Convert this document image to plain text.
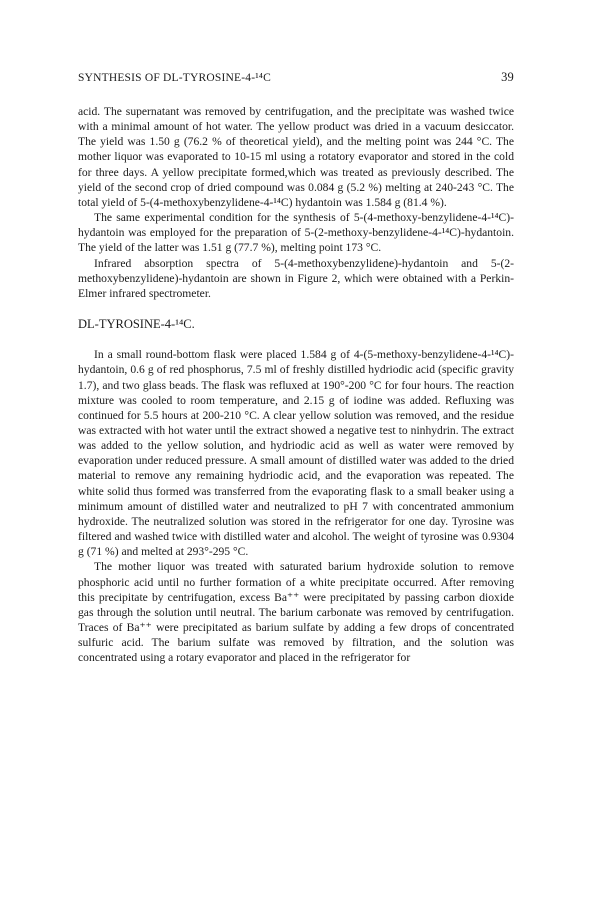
SYNTHESIS OF DL-TYROSINE-4-¹⁴C	39

acid. The supernatant was removed by centrifugation, and the precipitate was washed twice with a minimal amount of hot water. The yellow product was dried in a vacuum desiccator. The yield was 1.50 g (76.2 % of theoretical yield), and the melting point was 244 °C. The mother liquor was evaporated to 10-15 ml using a rotatory evaporator and stored in the cold for three days. A yellow precipitate formed,which was treated as previously described. The yield of the second crop of dried compound was 0.084 g (5.2 %) melting at 240-243 °C. The total yield of 5-(4-methoxybenzylidene-4-¹⁴C) hydantoin was 1.584 g (81.4 %).

The same experimental condition for the synthesis of 5-(4-methoxy-benzylidene-4-¹⁴C)-hydantoin was employed for the preparation of 5-(2-methoxy-benzylidene-4-¹⁴C)-hydantoin. The yield of the latter was 1.51 g (77.7 %), melting point 173 °C.

Infrared absorption spectra of 5-(4-methoxybenzylidene)-hydantoin and 5-(2-methoxybenzylidene)-hydantoin are shown in Figure 2, which were obtained with a Perkin-Elmer infrared spectrometer.

DL-TYROSINE-4-¹⁴C.

In a small round-bottom flask were placed 1.584 g of 4-(5-methoxy-benzylidene-4-¹⁴C)-hydantoin, 0.6 g of red phosphorus, 7.5 ml of freshly distilled hydriodic acid (specific gravity 1.7), and two glass beads. The flask was refluxed at 190°-200 °C for four hours. The reaction mixture was cooled to room temperature, and 2.15 g of iodine was added. Refluxing was continued for 5.5 hours at 200-210 °C. A clear yellow solution was removed, and the residue was extracted with hot water until the extract showed a negative test to ninhydrin. The extract was added to the yellow solution, and hydriodic acid as well as water were removed by evaporation under reduced pressure. A small amount of distilled water was added to the dried material to remove any remaining hydriodic acid, and the evaporation was repeated. The white solid thus formed was transferred from the evaporating flask to a small beaker using a minimum amount of distilled water and neutralized to pH 7 with concentrated ammonium hydroxide. The neutralized solution was stored in the refrigerator for one day. Tyrosine was filtered and washed twice with distilled water and alcohol. The weight of tyrosine was 0.9304 g (71 %) and melted at 293°-295 °C.

The mother liquor was treated with saturated barium hydroxide solution to remove phosphoric acid until no further formation of a white precipitate occurred. After removing this precipitate by centrifugation, excess Ba⁺⁺ were precipitated by passing carbon dioxide gas through the solution until neutral. The barium carbonate was removed by centrifugation. Traces of Ba⁺⁺ were precipitated as barium sulfate by adding a few drops of concentrated sulfuric acid. The barium sulfate was removed by filtration, and the solution was concentrated using a rotary evaporator and placed in the refrigerator for
